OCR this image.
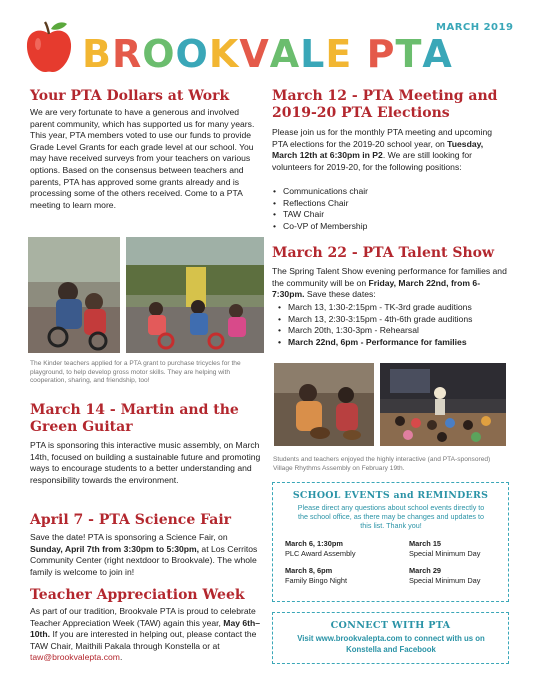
MARCH 2019
BROOKVALE PTA
Your PTA Dollars at Work

We are very fortunate to have a generous and involved parent community, which has supported us for many years. This year, PTA members voted to use our funds to provide Grade Level Grants for each grade level at our school. You may have received surveys from your teachers on various options. Based on the consensus between teachers and parents, PTA has approved some grants already and is processing some of the others received. Come to a PTA meeting to learn more.

The Kinder teachers applied for a PTA grant to purchase tricycles for the playground, to help develop gross motor skills. They are helping with cooperation, sharing, and friendship, too!

March 14 - Martin and the Green Guitar

PTA is sponsoring this interactive music assembly, on March 14th, focused on building a sustainable future and promoting ways to encourage students to a better understanding and responsibility towards the environment.

April 7 - PTA Science Fair

Save the date! PTA is sponsoring a Science Fair, on Sunday, April 7th from 3:30pm to 5:30pm, at Los Cerritos Community Center (right nextdoor to Brookvale). The whole family is welcome to join in!

Teacher Appreciation Week

As part of our tradition, Brookvale PTA is proud to celebrate Teacher Appreciation Week (TAW) again this year, May 6th–10th. If you are interested in helping out, please contact the TAW Chair, Maithili Pakala through Konstella or at taw@brookvalepta.com.

March 12 - PTA Meeting and 2019-20 PTA Elections

Please join us for the monthly PTA meeting and upcoming PTA elections for the 2019-20 school year, on Tuesday, March 12th at 6:30pm in P2. We are still looking for volunteers for 2019-20, for the following positions:

• Communications chair
• Reflections Chair
• TAW Chair
• Co-VP of Membership
March 22 - PTA Talent Show

The Spring Talent Show evening performance for families and the community will be on Friday, March 22nd, from 6-7:30pm. Save these dates:

• March 13, 1:30-2:15pm - TK-3rd grade auditions
• March 13, 2:30-3:15pm - 4th-6th grade auditions
• March 20th, 1:30-3pm - Rehearsal
• March 22nd, 6pm - Performance for families

Students and teachers enjoyed the highly interactive (and PTA-sponsored) Village Rhythms Assembly on February 19th.

SCHOOL EVENTS and REMINDERS

Please direct any questions about school events directly to the school office, as there may be changes and updates to this list. Thank you!

March 6, 1:30pm
PLC Award Assembly
March 15
Special Minimum Day
March 8, 6pm
Family Bingo Night
March 29
Special Minimum Day
CONNECT WITH PTA

Visit www.brookvalepta.com to connect with us on Konstella and Facebook
